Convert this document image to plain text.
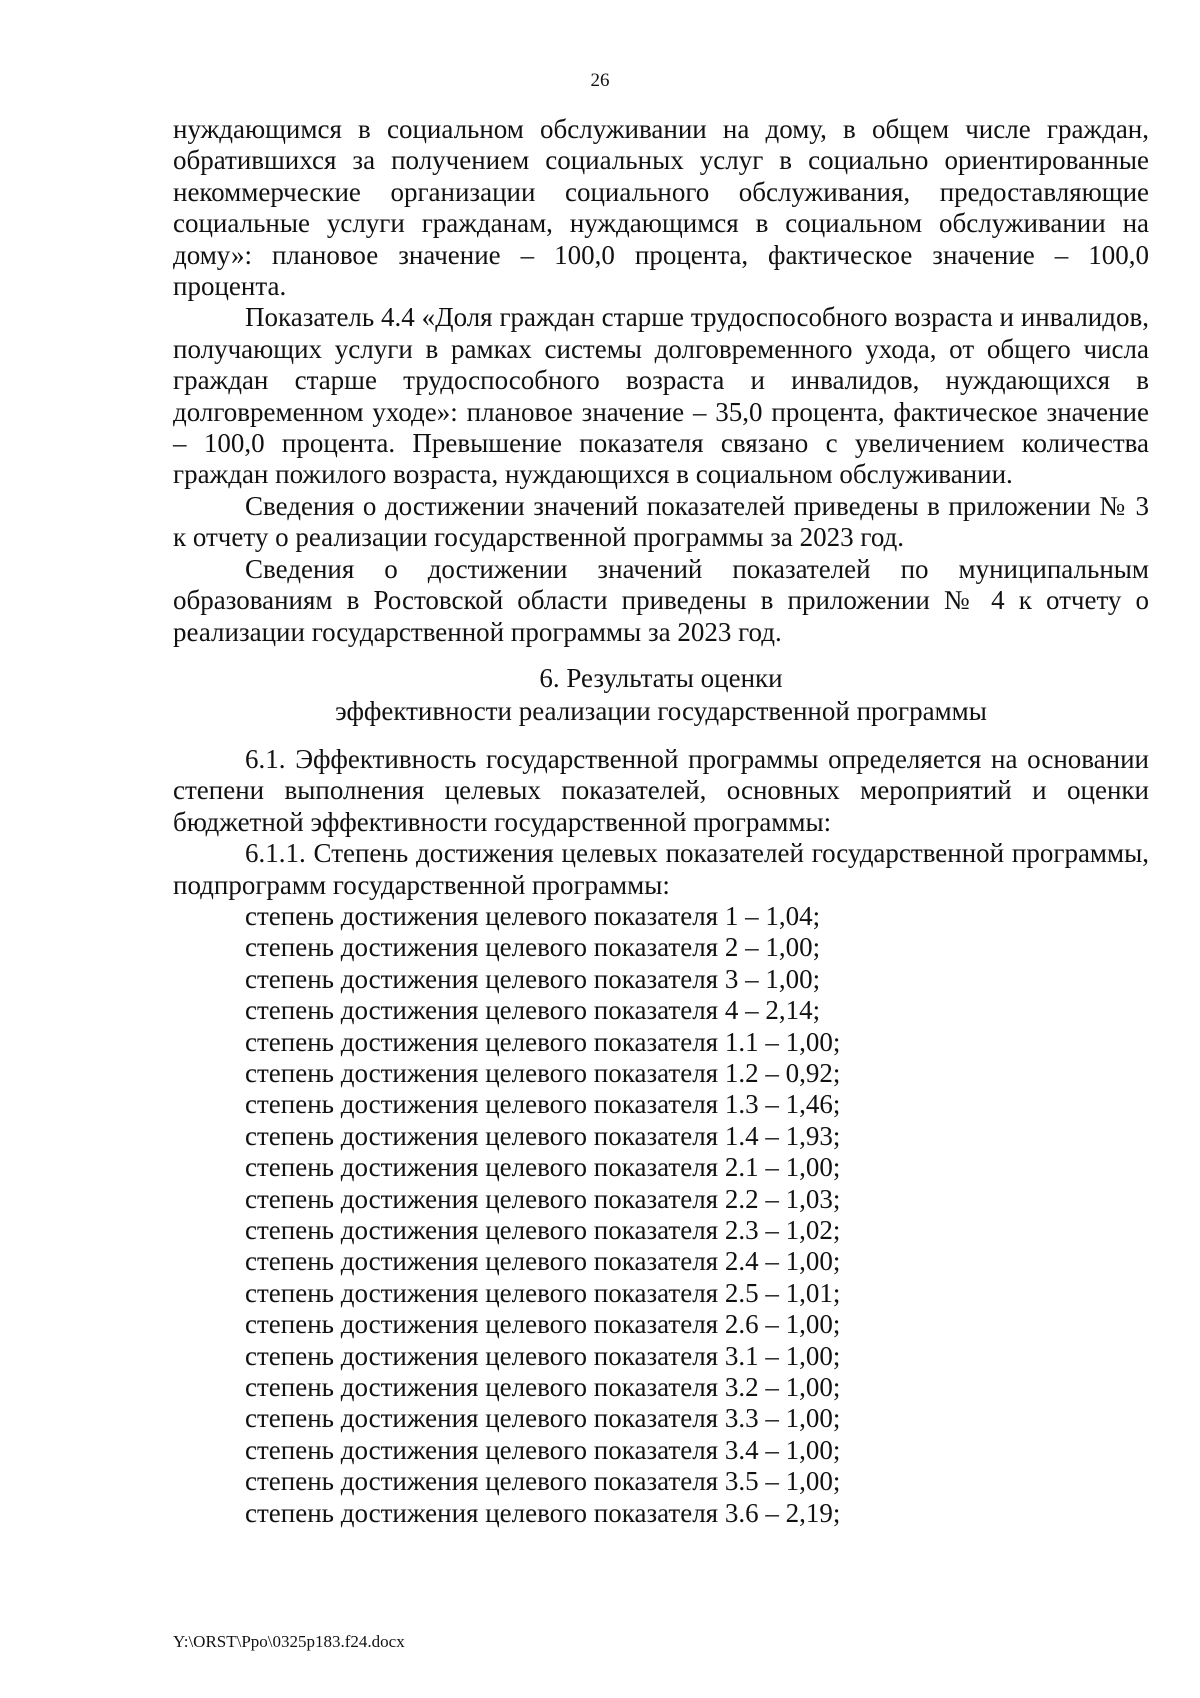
26

нуждающимся в социальном обслуживании на дому, в общем числе граждан, обратившихся за получением социальных услуг в социально ориентированные некоммерческие организации социального обслуживания, предоставляющие социальные услуги гражданам, нуждающимся в социальном обслуживании на дому»: плановое значение – 100,0 процента, фактическое значение – 100,0 процента.

Показатель 4.4 «Доля граждан старше трудоспособного возраста и инвалидов, получающих услуги в рамках системы долговременного ухода, от общего числа граждан старше трудоспособного возраста и инвалидов, нуждающихся в долговременном уходе»: плановое значение – 35,0 процента, фактическое значение – 100,0 процента. Превышение показателя связано с увеличением количества граждан пожилого возраста, нуждающихся в социальном обслуживании.

Сведения о достижении значений показателей приведены в приложении № 3 к отчету о реализации государственной программы за 2023 год.

Сведения о достижении значений показателей по муниципальным образованиям в Ростовской области приведены в приложении № 4 к отчету о реализации государственной программы за 2023 год.

6. Результаты оценки
эффективности реализации государственной программы

6.1. Эффективность государственной программы определяется на основании степени выполнения целевых показателей, основных мероприятий и оценки бюджетной эффективности государственной программы:

6.1.1. Степень достижения целевых показателей государственной программы, подпрограмм государственной программы:

степень достижения целевого показателя 1 – 1,04;
степень достижения целевого показателя 2 – 1,00;
степень достижения целевого показателя 3 – 1,00;
степень достижения целевого показателя 4 – 2,14;
степень достижения целевого показателя 1.1 – 1,00;
степень достижения целевого показателя 1.2 – 0,92;
степень достижения целевого показателя 1.3 – 1,46;
степень достижения целевого показателя 1.4 – 1,93;
степень достижения целевого показателя 2.1 – 1,00;
степень достижения целевого показателя 2.2 – 1,03;
степень достижения целевого показателя 2.3 – 1,02;
степень достижения целевого показателя 2.4 – 1,00;
степень достижения целевого показателя 2.5 – 1,01;
степень достижения целевого показателя 2.6 – 1,00;
степень достижения целевого показателя 3.1 – 1,00;
степень достижения целевого показателя 3.2 – 1,00;
степень достижения целевого показателя 3.3 – 1,00;
степень достижения целевого показателя 3.4 – 1,00;
степень достижения целевого показателя 3.5 – 1,00;
степень достижения целевого показателя 3.6 – 2,19;
Y:\ORST\Ppo\0325p183.f24.docx
